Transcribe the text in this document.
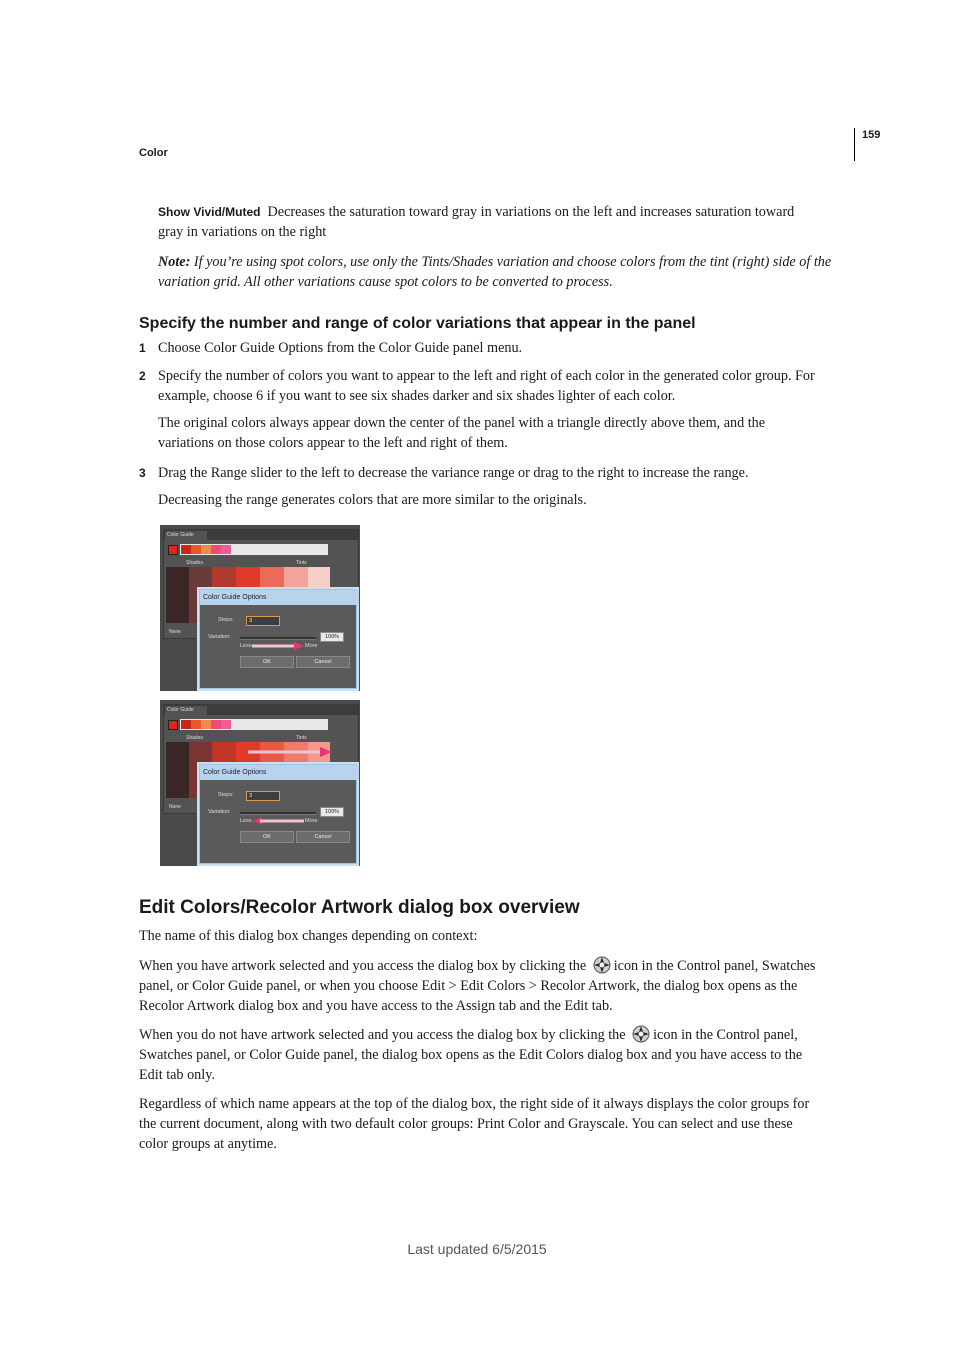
159
Color
Show Vivid/Muted Decreases the saturation toward gray in variations on the left and increases saturation toward
gray in variations on the right
Note: If you’re using spot colors, use only the Tints/Shades variation and choose colors from the tint (right) side of the
variation grid. All other variations cause spot colors to be converted to process.
Specify the number and range of color variations that appear in the panel
1 Choose Color Guide Options from the Color Guide panel menu.
2 Specify the number of colors you want to appear to the left and right of each color in the generated color group. For
example, choose 6 if you want to see six shades darker and six shades lighter of each color.
The original colors always appear down the center of the panel with a triangle directly above them, and the
variations on those colors appear to the left and right of them.
3 Drag the Range slider to the left to decrease the variance range or drag to the right to increase the range.
Decreasing the range generates colors that are more similar to the originals.
Color Guide
Shades	Tints
None
Color Guide Options
Steps:	3
Variation:	100%
Less	More
OK	Cancel
Color Guide
Shades	Tints
None
Color Guide Options
Steps:	3
Variation:	100%
Less	More
OK	Cancel
Edit Colors/Recolor Artwork dialog box overview
The name of this dialog box changes depending on context:
When you have artwork selected and you access the dialog box by clicking the icon in the Control panel, Swatches
panel, or Color Guide panel, or when you choose Edit > Edit Colors > Recolor Artwork, the dialog box opens as the
Recolor Artwork dialog box and you have access to the Assign tab and the Edit tab.
When you do not have artwork selected and you access the dialog box by clicking the icon in the Control panel,
Swatches panel, or Color Guide panel, the dialog box opens as the Edit Colors dialog box and you have access to the
Edit tab only.
Regardless of which name appears at the top of the dialog box, the right side of it always displays the color groups for
the current document, along with two default color groups: Print Color and Grayscale. You can select and use these
color groups at anytime.
Last updated 6/5/2015
